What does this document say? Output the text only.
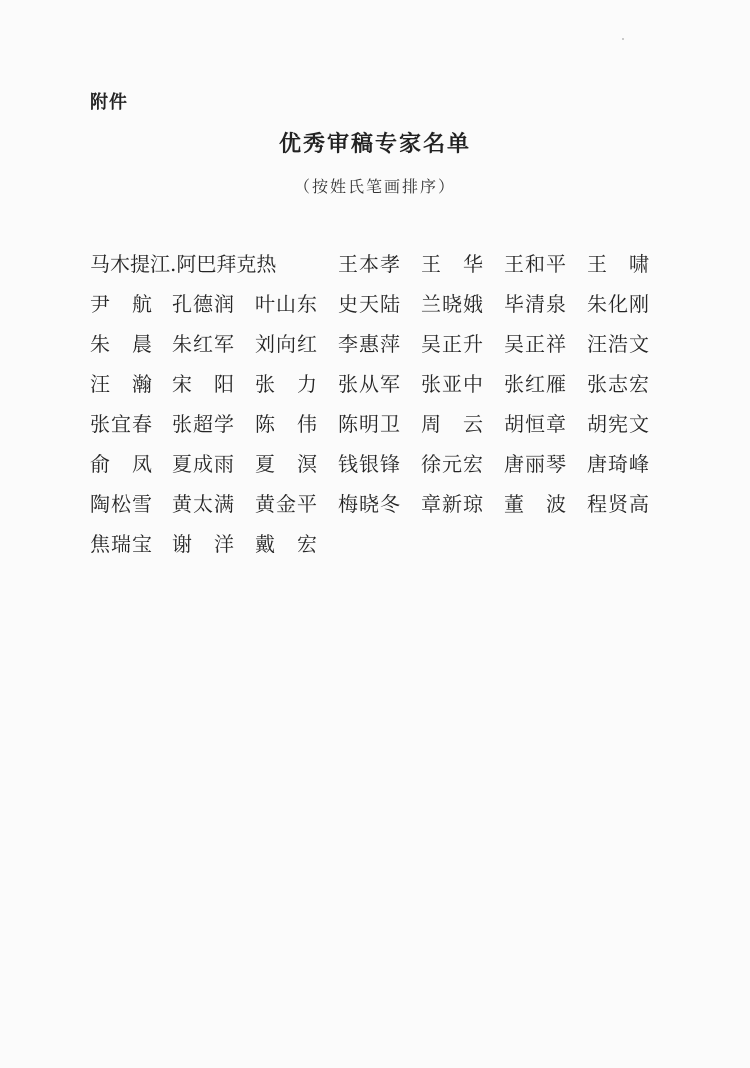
附件
优秀审稿专家名单
（按姓氏笔画排序）
马木提江.阿巴拜克热	王 本 孝 王 华 王 和 平 王 啸
尹 航 孔 德 润 叶 山 东 史 天 陆 兰 晓 娥 毕 清 泉 朱 化 刚
朱 晨 朱 红 军 刘 向 红 李 惠 萍 吴 正 升 吴 正 祥 汪 浩 文
汪 瀚 宋 阳 张 力 张 从 军 张 亚 中 张 红 雁 张 志 宏
张 宜 春 张 超 学 陈 伟 陈 明 卫 周 云 胡 恒 章 胡 宪 文
俞 凤 夏 成 雨 夏 溟 钱 银 锋 徐 元 宏 唐 丽 琴 唐 琦 峰
陶 松 雪 黄 太 满 黄 金 平 梅 晓 冬 章 新 琼 董 波 程 贤 高
焦 瑞 宝 谢 洋 戴 宏
